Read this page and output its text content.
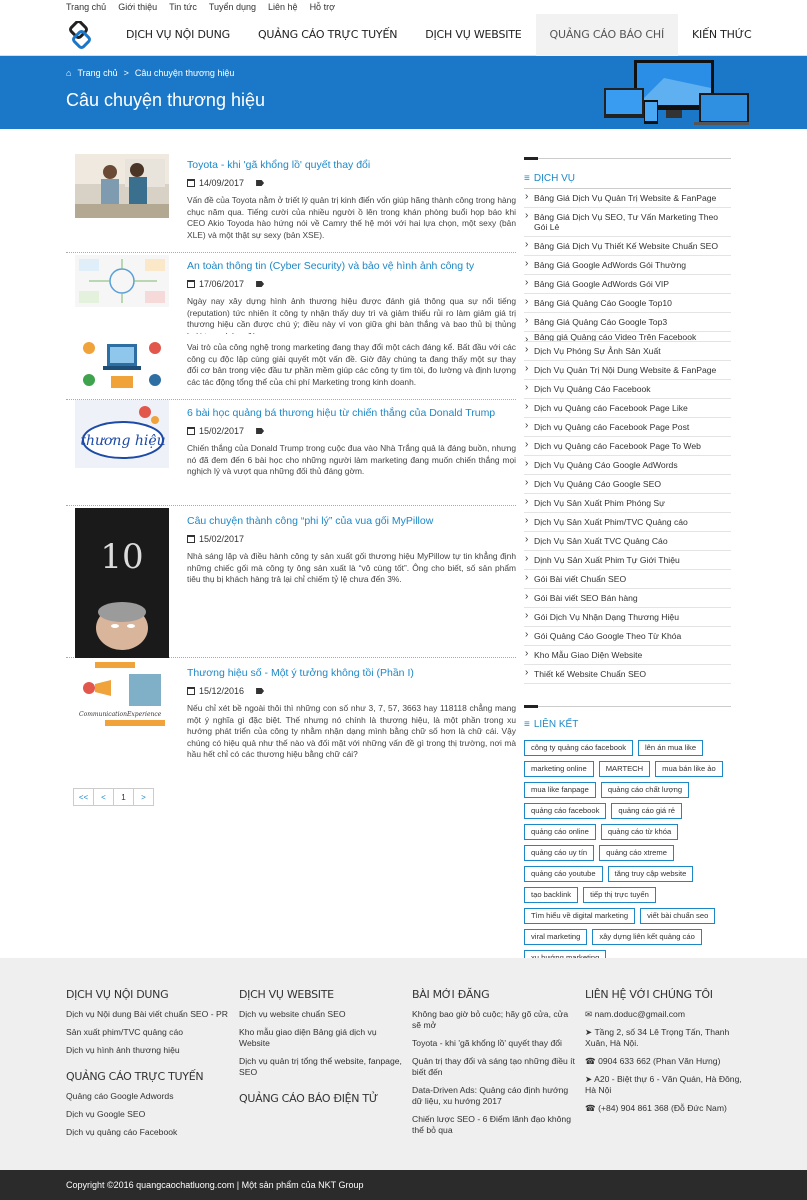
Trang chủ Giới thiệu Tin tức Tuyển dụng Liên hệ Hỗ trợ
DỊCH VỤ NỘI DUNG	QUẢNG CÁO TRỰC TUYẾN	DỊCH VỤ WEBSITE	QUẢNG CÁO BÁO CHÍ	KIẾN THỨC
⌂ Trang chủ > Câu chuyện thương hiệu
Câu chuyện thương hiệu
Toyota - khi 'gã khổng lồ' quyết thay đổi
14/09/2017
Vấn đề của Toyota nằm ở triết lý quản trị kinh điển vốn giúp hãng thành công trong hàng chục năm qua. Tiếng cười của nhiều người ồ lên trong khán phòng buổi họp báo khi CEO Akio Toyoda hào hứng nói về Camry thế hệ mới với hai lựa chọn, một sexy (bản XLE) và một thật sự sexy (bản XSE).
An toàn thông tin (Cyber Security) và bảo vệ hình ảnh công ty
17/06/2017
Ngày nay xây dựng hình ảnh thương hiệu được đánh giá thông qua sự nổi tiếng (reputation) tức nhiên ít công ty nhận thấy duy trì và giảm thiểu rủi ro làm giảm giá trị thương hiệu cần được chú ý; điều này ví von giữa ghi bàn thắng và bao thủ bị thủng
Vai trò của công nghệ trong marketing đang thay đổi một cách đáng kể. Bất đầu với các công cụ độc lập cùng giải quyết một vấn đề. Giờ đây chúng ta đang thấy một sự thay đổi cơ bản trong việc đầu tư phần mềm giúp các công ty tìm tòi, đo lường và định lượng các tác động tổng thể của chi phí Marketing trong kinh doanh.
thương hiệu
6 bài học quảng bá thương hiệu từ chiến thắng của Donald Trump
15/02/2017
Chiến thắng của Donald Trump trong cuộc đua vào Nhà Trắng quả là đáng buồn, nhưng nó đã đem đến 6 bài học cho những người làm marketing đang muốn chiến thắng mọi nghịch lý và vượt qua những đối thủ đáng gờm.
10
Câu chuyện thành công “phi lý” của vua gối MyPillow
15/02/2017
Nhà sáng lập và điều hành công ty sản xuất gối thương hiệu MyPillow tự tin khẳng định những chiếc gối mà công ty ông sản xuất là “vô cùng tốt”. Ông cho biết, số sản phẩm tiêu thụ bị khách hàng trả lại chỉ chiếm tỷ lệ chưa đến 3%.
Communication Experience
Thương hiệu số - Một ý tưởng không tồi (Phần I)
15/12/2016
Nếu chỉ xét bề ngoài thôi thì những con số như 3, 7, 57, 3663 hay 118118 chẳng mang một ý nghĩa gì đặc biệt. Thế nhưng nó chính là thương hiệu, là một phần trong xu hướng phát triển của công ty nhằm nhận dạng mình bằng chữ số hơn là chữ cái. Vậy chúng có hiệu quả như thế nào và đối mặt với những vấn đề gì trong thị trường, nơi mà hầu hết chỉ có các thương hiệu bằng chữ cái?
<<	<	1	>
≡ DỊCH VỤ
› Bảng Giá Dịch Vụ Quản Trị Website & FanPage
› Bảng Giá Dịch Vụ SEO, Tư Vấn Marketing Theo Gói Lẻ
› Bảng Giá Dịch Vụ Thiết Kế Website Chuẩn SEO
› Bảng Giá Google AdWords Gói Thường
› Bảng Giá Google AdWords Gói VIP
› Bảng Giá Quảng Cáo Google Top10
› Bảng Giá Quảng Cáo Google Top3
› Bảng giá Quảng cáo Video Trên Facebook
› Dịch Vụ Phóng Sự Ảnh Sản Xuất
› Dịch Vụ Quản Trị Nội Dung Website & FanPage
› Dịch Vụ Quảng Cáo Facebook
› Dịch vụ Quảng cáo Facebook Page Like
› Dịch vụ Quảng cáo Facebook Page Post
› Dịch vụ Quảng cáo Facebook Page To Web
› Dịch Vụ Quảng Cáo Google AdWords
› Dịch Vụ Quảng Cáo Google SEO
› Dịch Vụ Sản Xuất Phim Phóng Sự
› Dịch Vụ Sản Xuất Phim/TVC Quảng cáo
› Dịch Vụ Sản Xuất TVC Quảng Cáo
› Dịnh Vụ Sản Xuất Phim Tự Giới Thiệu
› Gói Bài viết Chuẩn SEO
› Gói Bài viết SEO Bán hàng
› Gói Dịch Vụ Nhận Dạng Thương Hiệu
› Gói Quảng Cáo Google Theo Từ Khóa
› Kho Mẫu Giao Diện Website
› Thiết kế Website Chuẩn SEO
≡ LIÊN KẾT
công ty quảng cáo facebook	lên án mua like
marketing online	MARTECH	mua bán like ảo
mua like fanpage	quảng cáo chất lượng
quảng cáo facebook	quảng cáo giá rẻ
quảng cáo online	quảng cáo từ khóa
quảng cáo uy tín	quảng cáo xtreme
quảng cáo youtube	tăng truy cập website
tạo backlink	tiếp thị trực tuyến
Tìm hiểu về digital marketing	viết bài chuẩn seo
viral marketing	xây dựng liên kết quảng cáo
DỊCH VỤ NỘI DUNG
Dịch vụ Nội dung Bài viết chuẩn SEO - PR
Sản xuất phim/TVC quảng cáo
Dịch vụ hình ảnh thương hiệu
QUẢNG CÁO TRỰC TUYẾN
Quảng cáo Google Adwords
Dịch vụ Google SEO
Dịch vụ quảng cáo Facebook
DỊCH VỤ WEBSITE
Dịch vụ website chuẩn SEO
Kho mẫu giao diện Bảng giá dịch vụ Website
Dịch vụ quản trị tổng thể website, fanpage, SEO
QUẢNG CÁO BÁO ĐIỆN TỬ
BÀI MỚI ĐĂNG
Không bao giờ bỏ cuộc; hãy gõ cửa, cửa sẽ mở
Toyota - khi 'gã khổng lồ' quyết thay đổi
Quản trị thay đổi và sáng tạo những điều ít biết đến
Data-Driven Ads: Quảng cáo định hướng dữ liệu, xu hướng 2017
Chiến lược SEO - 6 Điểm lãnh đạo không thể bỏ qua
LIÊN HỆ VỚI CHÚNG TÔI
✉ nam.doduc@gmail.com
➤ Tầng 2, số 34 Lê Trọng Tấn, Thanh Xuân, Hà Nội.
☎ 0904 633 662 (Phan Văn Hưng)
➤ A20 - Biệt thự 6 - Văn Quán, Hà Đông, Hà Nội
☎ (+84) 904 861 368 (Đỗ Đức Nam)
Copyright ©2016 quangcaochatluong.com | Một sản phẩm của NKT Group
